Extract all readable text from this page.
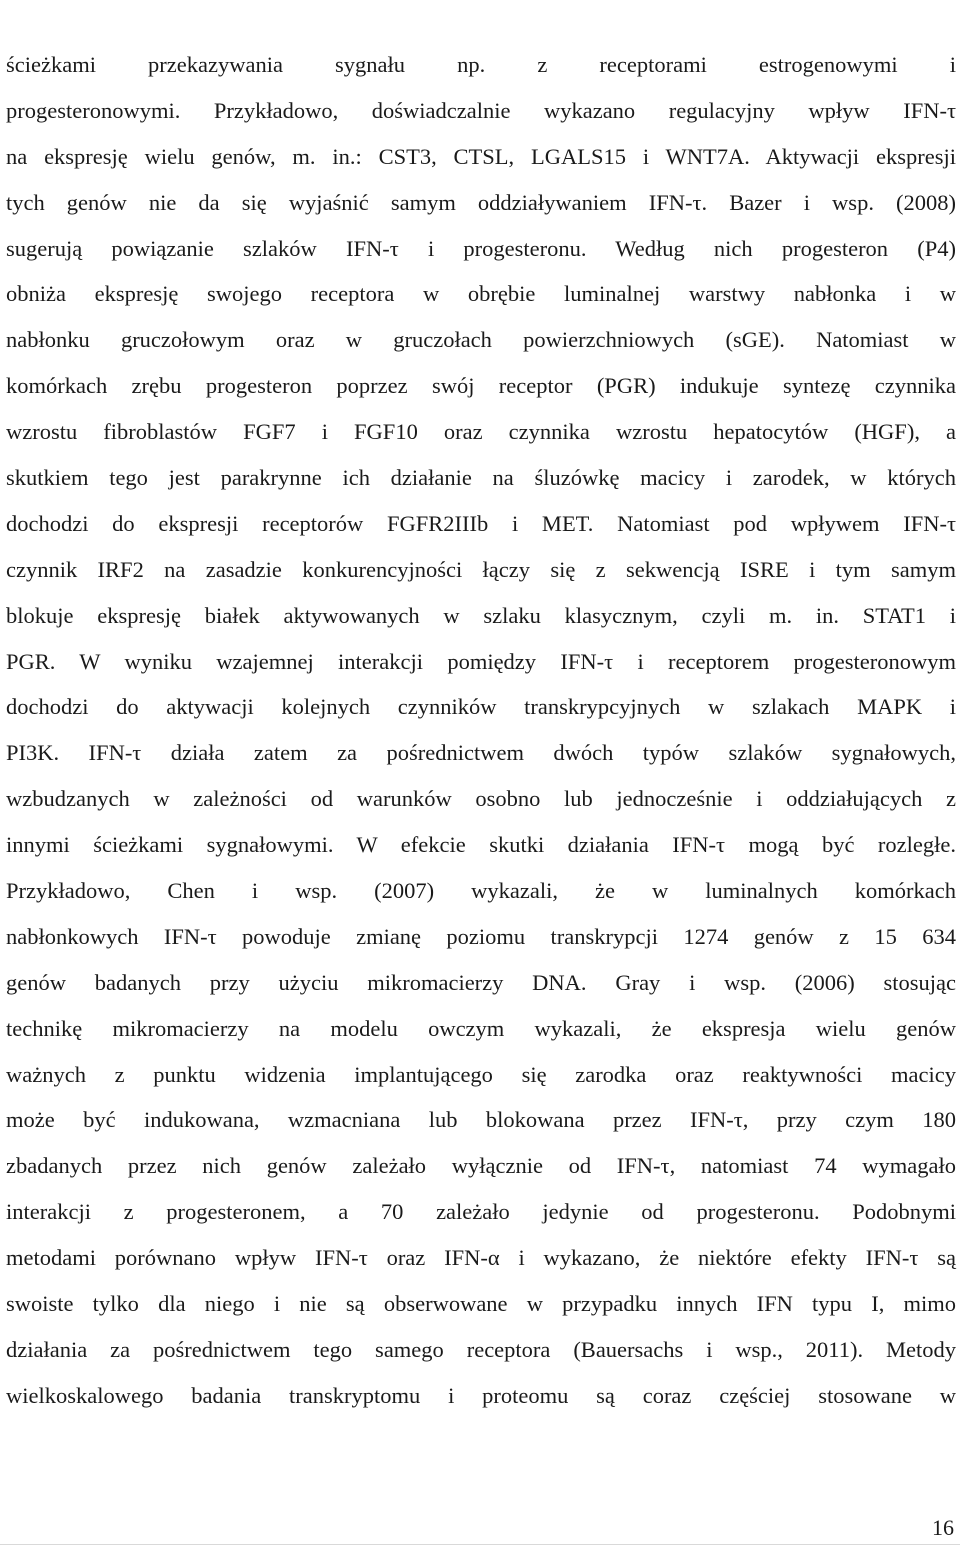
ścieżkami przekazywania sygnału np. z receptorami estrogenowymi i
progesteronowymi. Przykładowo, doświadczalnie wykazano regulacyjny wpływ IFN-τ
na ekspresję wielu genów, m. in.: CST3, CTSL, LGALS15 i WNT7A. Aktywacji ekspresji
tych genów nie da się wyjaśnić samym oddziaływaniem IFN-τ. Bazer i wsp. (2008)
sugerują powiązanie szlaków IFN-τ i progesteronu. Według nich progesteron (P4)
obniża ekspresję swojego receptora w obrębie luminalnej warstwy nabłonka i w
nabłonku gruczołowym oraz w gruczołach powierzchniowych (sGE). Natomiast w
komórkach zrębu progesteron poprzez swój receptor (PGR) indukuje syntezę czynnika
wzrostu fibroblastów FGF7 i FGF10 oraz czynnika wzrostu hepatocytów (HGF), a
skutkiem tego jest parakrynne ich działanie na śluzówkę macicy i zarodek, w których
dochodzi do ekspresji receptorów FGFR2IIIb i MET. Natomiast pod wpływem IFN-τ
czynnik IRF2 na zasadzie konkurencyjności łączy się z sekwencją ISRE i tym samym
blokuje ekspresję białek aktywowanych w szlaku klasycznym, czyli m. in. STAT1 i
PGR. W wyniku wzajemnej interakcji pomiędzy IFN-τ i receptorem progesteronowym
dochodzi do aktywacji kolejnych czynników transkrypcyjnych w szlakach MAPK i
PI3K. IFN-τ działa zatem za pośrednictwem dwóch typów szlaków sygnałowych,
wzbudzanych w zależności od warunków osobno lub jednocześnie i oddziałujących z
innymi ścieżkami sygnałowymi. W efekcie skutki działania IFN-τ mogą być rozległe.
Przykładowo, Chen i wsp. (2007) wykazali, że w luminalnych komórkach
nabłonkowych IFN-τ powoduje zmianę poziomu transkrypcji 1274 genów z 15 634
genów badanych przy użyciu mikromacierzy DNA. Gray i wsp. (2006) stosując
technikę mikromacierzy na modelu owczym wykazali, że ekspresja wielu genów
ważnych z punktu widzenia implantującego się zarodka oraz reaktywności macicy
może być indukowana, wzmacniana lub blokowana przez IFN-τ, przy czym 180
zbadanych przez nich genów zależało wyłącznie od IFN-τ, natomiast 74 wymagało
interakcji z progesteronem, a 70 zależało jedynie od progesteronu. Podobnymi
metodami porównano wpływ IFN-τ oraz IFN-α i wykazano, że niektóre efekty IFN-τ są
swoiste tylko dla niego i nie są obserwowane w przypadku innych IFN typu I, mimo
działania za pośrednictwem tego samego receptora (Bauersachs i wsp., 2011). Metody
wielkoskalowego badania transkryptomu i proteomu są coraz częściej stosowane w
16
